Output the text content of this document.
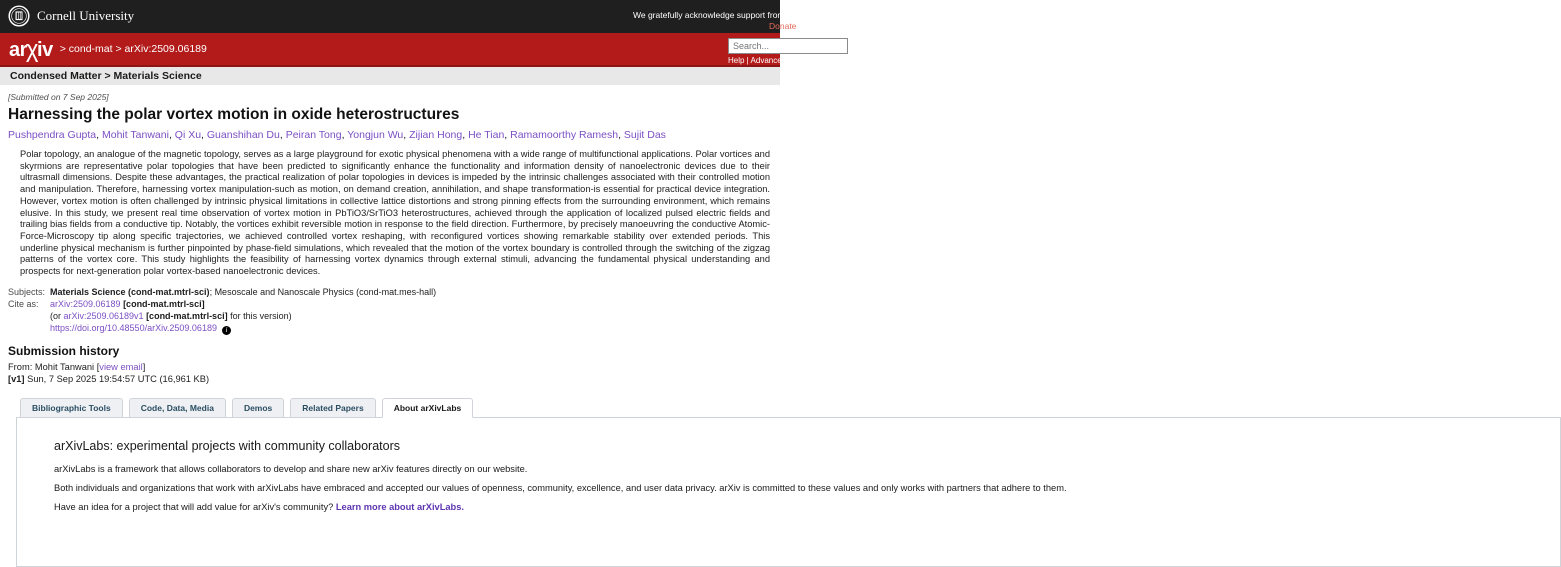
Cornell University	We gratefully acknowledge support from the Simons Foundation, member institutions, and all contributors.
Donate
ar χ iv > cond-mat > arXiv:2509.06189
Search...
Help | Advanced Search
Condensed Matter > Materials Science
[Submitted on 7 Sep 2025]
Harnessing the polar vortex motion in oxide heterostructures
Pushpendra Gupta, Mohit Tanwani, Qi Xu, Guanshihan Du, Peiran Tong, Yongjun Wu, Zijian Hong, He Tian, Ramamoorthy Ramesh, Sujit Das

Polar topology, an analogue of the magnetic topology, serves as a large playground for exotic physical phenomena with a wide range of multifunctional applications. Polar vortices and skyrmions are representative polar topologies that have been predicted to significantly enhance the functionality and information density of nanoelectronic devices due to their ultrasmall dimensions. Despite these advantages, the practical realization of polar topologies in devices is impeded by the intrinsic challenges associated with their controlled motion and manipulation. Therefore, harnessing vortex manipulation-such as motion, on demand creation, annihilation, and shape transformation-is essential for practical device integration. However, vortex motion is often challenged by intrinsic physical limitations in collective lattice distortions and strong pinning effects from the surrounding environment, which remains elusive. In this study, we present real time observation of vortex motion in PbTiO3/SrTiO3 heterostructures, achieved through the application of localized pulsed electric fields and trailing bias fields from a conductive tip. Notably, the vortices exhibit reversible motion in response to the field direction. Furthermore, by precisely manoeuvring the conductive Atomic-Force-Microscopy tip along specific trajectories, we achieved controlled vortex reshaping, with reconfigured vortices showing remarkable stability over extended periods. This underline physical mechanism is further pinpointed by phase-field simulations, which revealed that the motion of the vortex boundary is controlled through the switching of the zigzag patterns of the vortex core. This study highlights the feasibility of harnessing vortex dynamics through external stimuli, advancing the fundamental physical understanding and prospects for next-generation polar vortex-based nanoelectronic devices.

Subjects: Materials Science (cond-mat.mtrl-sci); Mesoscale and Nanoscale Physics (cond-mat.mes-hall)
Cite as:	arXiv:2509.06189 [cond-mat.mtrl-sci]
(or arXiv:2509.06189v1 [cond-mat.mtrl-sci] for this version)
https://doi.org/10.48550/arXiv.2509.06189 i
Submission history

From: Mohit Tanwani [view email]

[v1] Sun, 7 Sep 2025 19:54:57 UTC (16,961 KB)

Bibliographic Tools	Code, Data, Media	Demos	Related Papers	About arXivLabs
arXivLabs: experimental projects with community collaborators

arXivLabs is a framework that allows collaborators to develop and share new arXiv features directly on our website.

Both individuals and organizations that work with arXivLabs have embraced and accepted our values of openness, community, excellence, and user data privacy. arXiv is committed to these values and only works with partners that adhere to them.

Have an idea for a project that will add value for arXiv's community? Learn more about arXivLabs.
